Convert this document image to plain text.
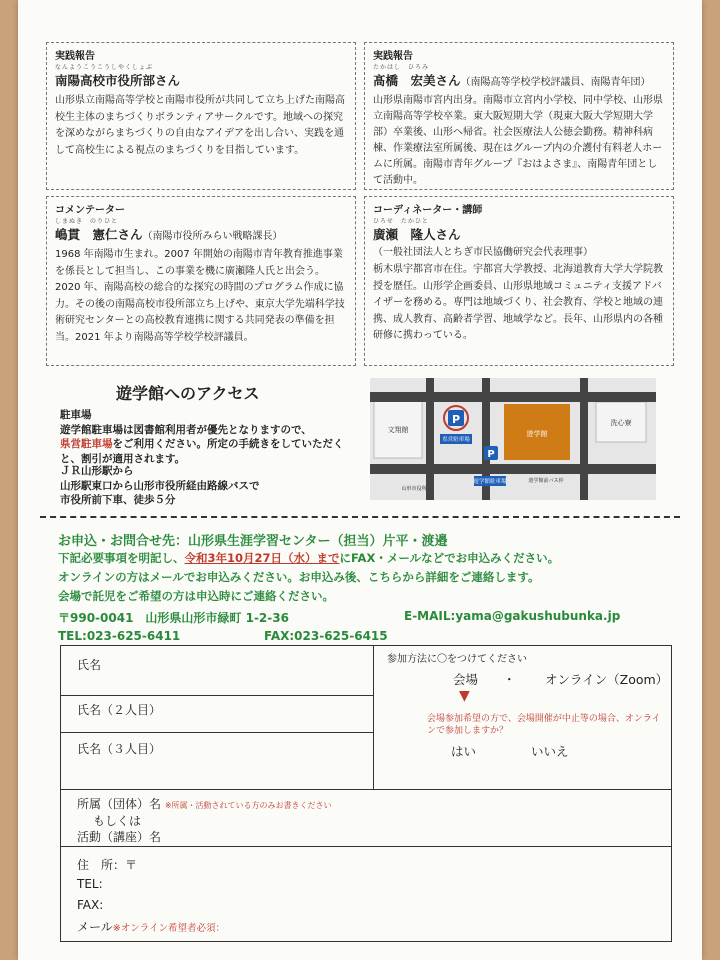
実践報告
なんようこうこうしやくしょぶ
南陽高校市役所部さん
山形県立南陽高等学校と南陽市役所が共同して立ち上げた南陽高校生主体のまちづくりボランティアサークルです。地域への探究を深めながらまちづくりの自由なアイデアを出し合い、実践を通して高校生による視点のまちづくりを目指しています。
実践報告
たかはし　ひろみ
髙橋　宏美さん（南陽高等学校学校評議員、南陽青年団）
山形県南陽市宮内出身。南陽市立宮内小学校、同中学校、山形県立南陽高等学校卒業。東大阪短期大学（現東大阪大学短期大学部）卒業後、山形へ帰省。社会医療法人公徳会勤務。精神科病棟、作業療法室所属後、現在はグループ内の介護付有料老人ホームに所属。南陽市青年グループ『おはよさま』、南陽青年団として活動中。
コメンテーター
しまぬき　のりひと
嶋貫　憲仁さん（南陽市役所みらい戦略課長）
1968 年南陽市生まれ。2007 年開始の南陽市青年教育推進事業を係長として担当し、この事業を機に廣瀬隆人氏と出会う。2020 年、南陽高校の総合的な探究の時間のプログラム作成に協力。その後の南陽高校市役所部立ち上げや、東京大学先端科学技術研究センターとの高校教育連携に関する共同発表の準備を担当。2021 年より南陽高等学校学校評議員。
コーディネーター・講師
ひろせ　たかひと
廣瀬　隆人さん
（一般社団法人とちぎ市民協働研究会代表理事）
栃木県宇都宮市在住。宇都宮大学教授、北海道教育大学大学院教授を歴任。山形学企画委員、山形県地域コミュニティ支援アドバイザーを務める。専門は地域づくり、社会教育、学校と地域の連携、成人教育、高齢者学習、地域学など。長年、山形県内の各種研修に携わっている。
遊学館へのアクセス
駐車場
遊学館駐車場は図書館利用者が優先となりますので、
県営駐車場をご利用ください。所定の手続きをしていただくと、割引が適用されます。
ＪＲ山形駅から
山形駅東口から山形市役所経由路線バスで
市役所前下車、徒歩５分
遊学館
文翔館
洗心寮
P
県営駐車場
P
遊学館駐車場	遊学館前バス停
山形市役所
お申込・お問合せ先：山形県生涯学習センター（担当）片平・渡邉
下記必要事項を明記し、令和3年10月27日（水）までにFAX・メールなどでお申込みください。
オンラインの方はメールでお申込みください。お申込み後、こちらから詳細をご連絡します。
会場で託児をご希望の方は申込時にご連絡ください。
〒990-0041　山形県山形市緑町 1-2-36	E-MAIL:yama@gakushubunka.jp
TEL:023-625-6411	FAX:023-625-6415
氏名
氏名（２人目）
氏名（３人目）
参加方法に〇をつけてください
会場 ・ オンライン（Zoom）
▼
会場参加希望の方で、会場開催が中止等の場合、オンラインで参加しますか？
はい	いいえ
所属（団体）名 ※所属・活動されている方のみお書きください
もしくは
活動（講座）名
住　所：〒
TEL:
FAX:
メール※オンライン希望者必須：
